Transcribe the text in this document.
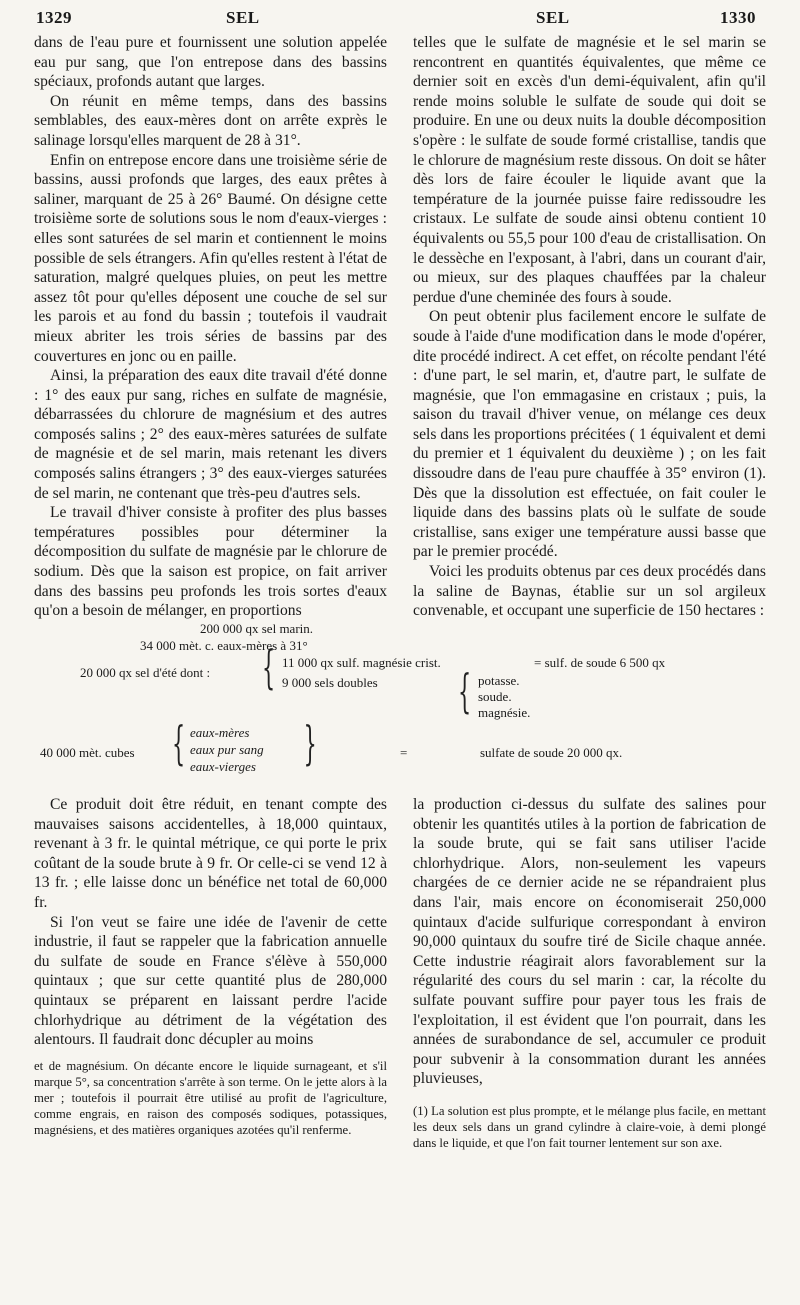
1329	SEL	SEL	1330

dans de l'eau pure et fournissent une solution appelée eau pur sang, que l'on entrepose dans des bassins spéciaux, profonds autant que larges.

On réunit en même temps, dans des bassins semblables, des eaux-mères dont on arrête exprès le salinage lorsqu'elles marquent de 28 à 31°.

Enfin on entrepose encore dans une troisième série de bassins, aussi profonds que larges, des eaux prêtes à saliner, marquant de 25 à 26° Baumé. On désigne cette troisième sorte de solutions sous le nom d'eaux-vierges : elles sont saturées de sel marin et contiennent le moins possible de sels étrangers. Afin qu'elles restent à l'état de saturation, malgré quelques pluies, on peut les mettre assez tôt pour qu'elles déposent une couche de sel sur les parois et au fond du bassin ; toutefois il vaudrait mieux abriter les trois séries de bassins par des couvertures en jonc ou en paille.

Ainsi, la préparation des eaux dite travail d'été donne : 1° des eaux pur sang, riches en sulfate de magnésie, débarrassées du chlorure de magnésium et des autres composés salins ; 2° des eaux-mères saturées de sulfate de magnésie et de sel marin, mais retenant les divers composés salins étrangers ; 3° des eaux-vierges saturées de sel marin, ne contenant que très-peu d'autres sels.

Le travail d'hiver consiste à profiter des plus basses températures possibles pour déterminer la décomposition du sulfate de magnésie par le chlorure de sodium. Dès que la saison est propice, on fait arriver dans des bassins peu profonds les trois sortes d'eaux qu'on a besoin de mélanger, en proportions

telles que le sulfate de magnésie et le sel marin se rencontrent en quantités équivalentes, que même ce dernier soit en excès d'un demi-équivalent, afin qu'il rende moins soluble le sulfate de soude qui doit se produire. En une ou deux nuits la double décomposition s'opère : le sulfate de soude formé cristallise, tandis que le chlorure de magnésium reste dissous. On doit se hâter dès lors de faire écouler le liquide avant que la température de la journée puisse faire redissoudre les cristaux. Le sulfate de soude ainsi obtenu contient 10 équivalents ou 55,5 pour 100 d'eau de cristallisation. On le dessèche en l'exposant, à l'abri, dans un courant d'air, ou mieux, sur des plaques chauffées par la chaleur perdue d'une cheminée des fours à soude.

On peut obtenir plus facilement encore le sulfate de soude à l'aide d'une modification dans le mode d'opérer, dite procédé indirect. A cet effet, on récolte pendant l'été : d'une part, le sel marin, et, d'autre part, le sulfate de magnésie, que l'on emmagasine en cristaux ; puis, la saison du travail d'hiver venue, on mélange ces deux sels dans les proportions précitées ( 1 équivalent et demi du premier et 1 équivalent du deuxième ) ; on les fait dissoudre dans de l'eau pure chauffée à 35° environ (1). Dès que la dissolution est effectuée, on fait couler le liquide dans des bassins plats où le sulfate de soude cristallise, sans exiger une température aussi basse que par le premier procédé.

Voici les produits obtenus par ces deux procédés dans la saline de Baynas, établie sur un sol argileux convenable, et occupant une superficie de 150 hectares :

200 000 qx sel marin.
34 000 mèt. c. eaux-mères à 31°
20 000 qx sel d'été dont : { 11 000 qx sulf. magnésie crist.	= sulf. de soude 6 500 qx
9 000 sels doubles { potasse.
soude.
magnésie.
40 000 mèt. cubes { eaux-mères
eaux pur sang
eaux-vierges {	=	sulfate de soude 20 000 qx.

Ce produit doit être réduit, en tenant compte des mauvaises saisons accidentelles, à 18,000 quintaux, revenant à 3 fr. le quintal métrique, ce qui porte le prix coûtant de la soude brute à 9 fr. Or celle-ci se vend 12 à 13 fr. ; elle laisse donc un bénéfice net total de 60,000 fr.

Si l'on veut se faire une idée de l'avenir de cette industrie, il faut se rappeler que la fabrication annuelle du sulfate de soude en France s'élève à 550,000 quintaux ; que sur cette quantité plus de 280,000 quintaux se préparent en laissant perdre l'acide chlorhydrique au détriment de la végétation des alentours. Il faudrait donc décupler au moins

et de magnésium. On décante encore le liquide surnageant, et s'il marque 5°, sa concentration s'arrête à son terme. On le jette alors à la mer ; toutefois il pourrait être utilisé au profit de l'agriculture, comme engrais, en raison des composés sodiques, potassiques, magnésiens, et des matières organiques azotées qu'il renferme.

la production ci-dessus du sulfate des salines pour obtenir les quantités utiles à la portion de fabrication de la soude brute, qui se fait sans utiliser l'acide chlorhydrique. Alors, non-seulement les vapeurs chargées de ce dernier acide ne se répandraient plus dans l'air, mais encore on économiserait 250,000 quintaux d'acide sulfurique correspondant à environ 90,000 quintaux du soufre tiré de Sicile chaque année. Cette industrie réagirait alors favorablement sur la régularité des cours du sel marin : car, la récolte du sulfate pouvant suffire pour payer tous les frais de l'exploitation, il est évident que l'on pourrait, dans les années de surabondance de sel, accumuler ce produit pour subvenir à la consommation durant les années pluvieuses,

(1) La solution est plus prompte, et le mélange plus facile, en mettant les deux sels dans un grand cylindre à claire-voie, à demi plongé dans le liquide, et que l'on fait tourner lentement sur son axe.
